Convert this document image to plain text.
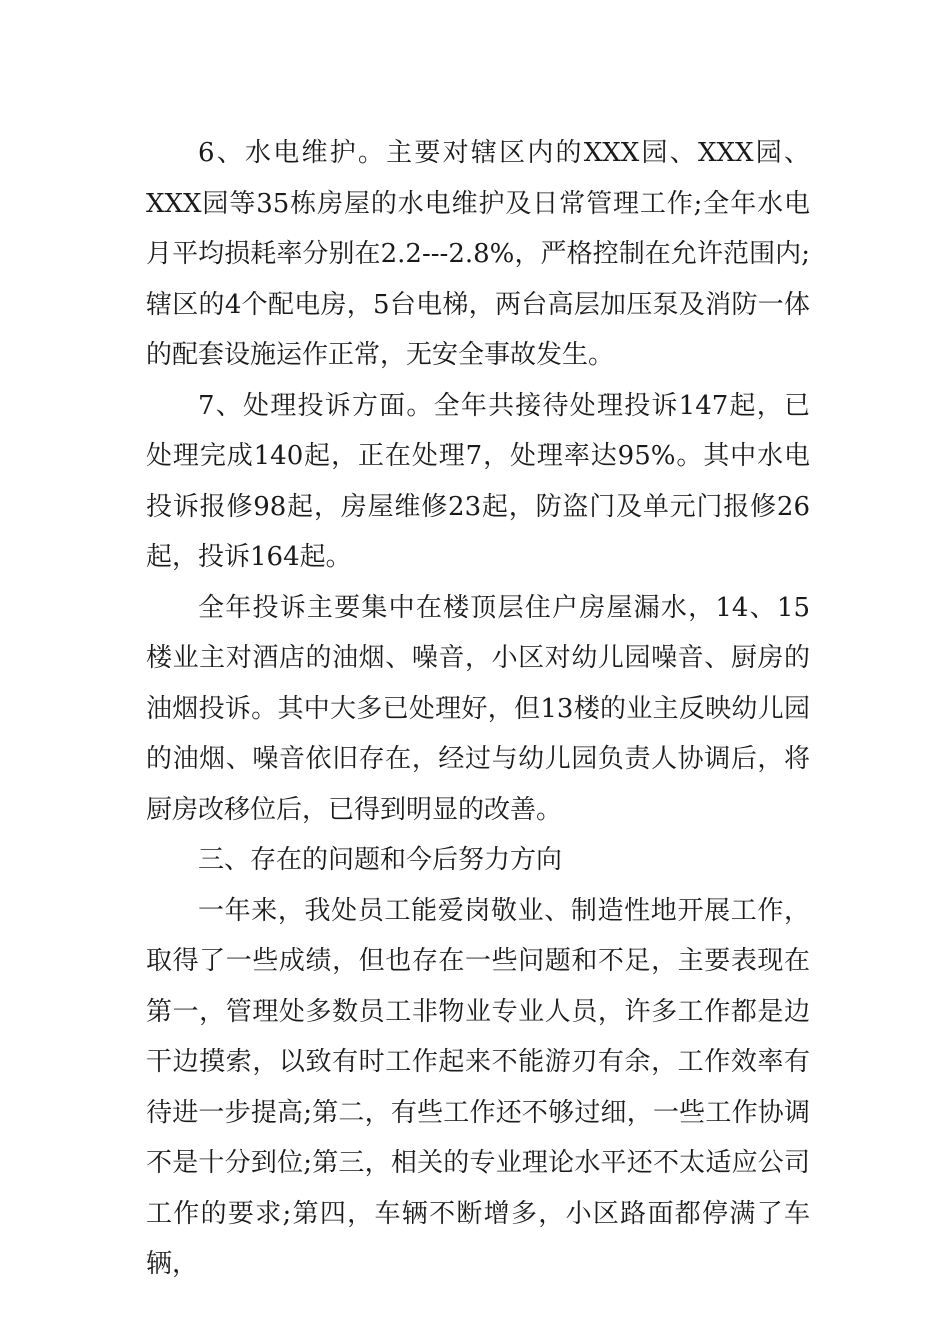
6、水电维护。主要对辖区内的XXX园、XXX园、XXX园等35栋房屋的水电维护及日常管理工作;全年水电月平均损耗率分别在2.2---2.8%，严格控制在允许范围内;辖区的4个配电房，5台电梯，两台高层加压泵及消防一体的配套设施运作正常，无安全事故发生。

7、处理投诉方面。全年共接待处理投诉147起，已处理完成140起，正在处理7，处理率达95%。其中水电投诉报修98起，房屋维修23起，防盗门及单元门报修26起，投诉164起。

全年投诉主要集中在楼顶层住户房屋漏水，14、15楼业主对酒店的油烟、噪音，小区对幼儿园噪音、厨房的油烟投诉。其中大多已处理好，但13楼的业主反映幼儿园的油烟、噪音依旧存在，经过与幼儿园负责人协调后，将厨房改移位后，已得到明显的改善。

三、存在的问题和今后努力方向

一年来，我处员工能爱岗敬业、制造性地开展工作，取得了一些成绩，但也存在一些问题和不足，主要表现在第一，管理处多数员工非物业专业人员，许多工作都是边干边摸索，以致有时工作起来不能游刃有余，工作效率有待进一步提高;第二，有些工作还不够过细，一些工作协调不是十分到位;第三，相关的专业理论水平还不太适应公司工作的要求;第四，车辆不断增多，小区路面都停满了车辆，
